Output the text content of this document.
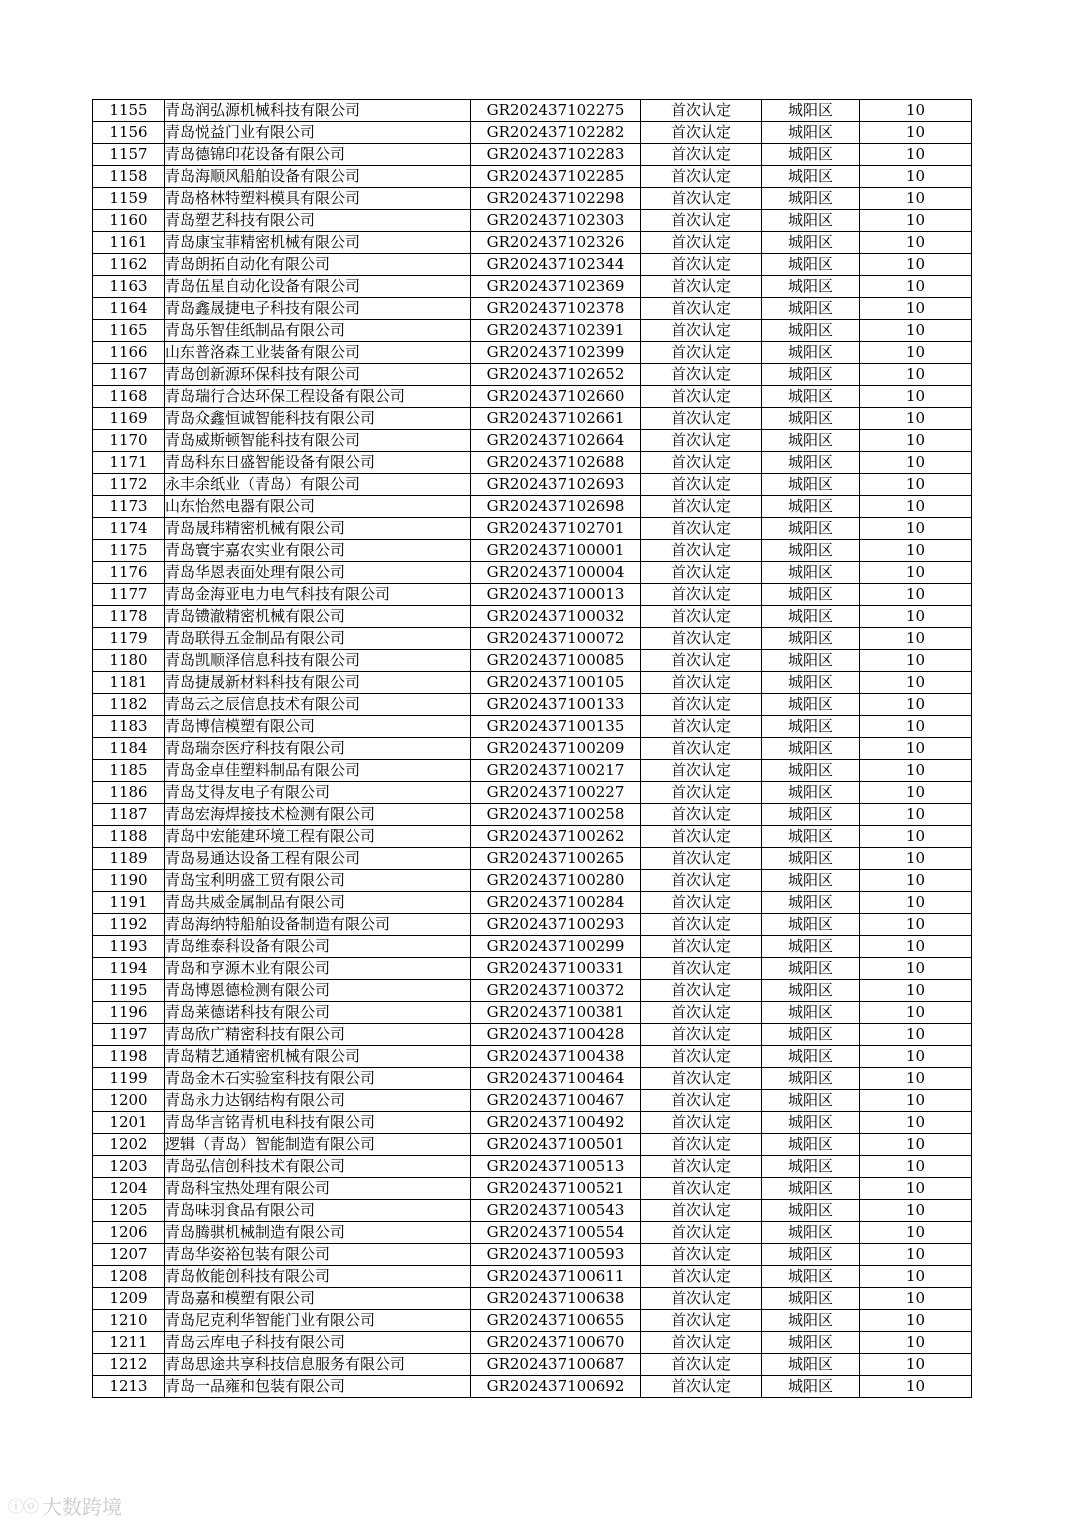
1155	青岛润弘源机械科技有限公司	GR202437102275	首次认定	城阳区	10
1156	青岛悦益门业有限公司	GR202437102282	首次认定	城阳区	10
1157	青岛德锦印花设备有限公司	GR202437102283	首次认定	城阳区	10
1158	青岛海顺风船舶设备有限公司	GR202437102285	首次认定	城阳区	10
1159	青岛格林特塑料模具有限公司	GR202437102298	首次认定	城阳区	10
1160	青岛塑艺科技有限公司	GR202437102303	首次认定	城阳区	10
1161	青岛康宝菲精密机械有限公司	GR202437102326	首次认定	城阳区	10
1162	青岛朗拓自动化有限公司	GR202437102344	首次认定	城阳区	10
1163	青岛伍星自动化设备有限公司	GR202437102369	首次认定	城阳区	10
1164	青岛鑫晟捷电子科技有限公司	GR202437102378	首次认定	城阳区	10
1165	青岛乐智佳纸制品有限公司	GR202437102391	首次认定	城阳区	10
1166	山东普洛森工业装备有限公司	GR202437102399	首次认定	城阳区	10
1167	青岛创新源环保科技有限公司	GR202437102652	首次认定	城阳区	10
1168	青岛瑞行合达环保工程设备有限公司	GR202437102660	首次认定	城阳区	10
1169	青岛众鑫恒诚智能科技有限公司	GR202437102661	首次认定	城阳区	10
1170	青岛威斯顿智能科技有限公司	GR202437102664	首次认定	城阳区	10
1171	青岛科东日盛智能设备有限公司	GR202437102688	首次认定	城阳区	10
1172	永丰余纸业（青岛）有限公司	GR202437102693	首次认定	城阳区	10
1173	山东怡然电器有限公司	GR202437102698	首次认定	城阳区	10
1174	青岛晟玮精密机械有限公司	GR202437102701	首次认定	城阳区	10
1175	青岛寰宇嘉农实业有限公司	GR202437100001	首次认定	城阳区	10
1176	青岛华恩表面处理有限公司	GR202437100004	首次认定	城阳区	10
1177	青岛金海亚电力电气科技有限公司	GR202437100013	首次认定	城阳区	10
1178	青岛镄澈精密机械有限公司	GR202437100032	首次认定	城阳区	10
1179	青岛联得五金制品有限公司	GR202437100072	首次认定	城阳区	10
1180	青岛凯顺泽信息科技有限公司	GR202437100085	首次认定	城阳区	10
1181	青岛捷晟新材料科技有限公司	GR202437100105	首次认定	城阳区	10
1182	青岛云之辰信息技术有限公司	GR202437100133	首次认定	城阳区	10
1183	青岛博信模塑有限公司	GR202437100135	首次认定	城阳区	10
1184	青岛瑞奈医疗科技有限公司	GR202437100209	首次认定	城阳区	10
1185	青岛金卓佳塑料制品有限公司	GR202437100217	首次认定	城阳区	10
1186	青岛艾得友电子有限公司	GR202437100227	首次认定	城阳区	10
1187	青岛宏海焊接技术检测有限公司	GR202437100258	首次认定	城阳区	10
1188	青岛中宏能建环境工程有限公司	GR202437100262	首次认定	城阳区	10
1189	青岛易通达设备工程有限公司	GR202437100265	首次认定	城阳区	10
1190	青岛宝利明盛工贸有限公司	GR202437100280	首次认定	城阳区	10
1191	青岛共威金属制品有限公司	GR202437100284	首次认定	城阳区	10
1192	青岛海纳特船舶设备制造有限公司	GR202437100293	首次认定	城阳区	10
1193	青岛维泰科设备有限公司	GR202437100299	首次认定	城阳区	10
1194	青岛和亨源木业有限公司	GR202437100331	首次认定	城阳区	10
1195	青岛博恩德检测有限公司	GR202437100372	首次认定	城阳区	10
1196	青岛莱德诺科技有限公司	GR202437100381	首次认定	城阳区	10
1197	青岛欣广精密科技有限公司	GR202437100428	首次认定	城阳区	10
1198	青岛精艺通精密机械有限公司	GR202437100438	首次认定	城阳区	10
1199	青岛金木石实验室科技有限公司	GR202437100464	首次认定	城阳区	10
1200	青岛永力达钢结构有限公司	GR202437100467	首次认定	城阳区	10
1201	青岛华言铭青机电科技有限公司	GR202437100492	首次认定	城阳区	10
1202	逻辑（青岛）智能制造有限公司	GR202437100501	首次认定	城阳区	10
1203	青岛弘信创科技术有限公司	GR202437100513	首次认定	城阳区	10
1204	青岛科宝热处理有限公司	GR202437100521	首次认定	城阳区	10
1205	青岛味羽食品有限公司	GR202437100543	首次认定	城阳区	10
1206	青岛腾骐机械制造有限公司	GR202437100554	首次认定	城阳区	10
1207	青岛华姿裕包装有限公司	GR202437100593	首次认定	城阳区	10
1208	青岛攸能创科技有限公司	GR202437100611	首次认定	城阳区	10
1209	青岛嘉和模塑有限公司	GR202437100638	首次认定	城阳区	10
1210	青岛尼克利华智能门业有限公司	GR202437100655	首次认定	城阳区	10
1211	青岛云库电子科技有限公司	GR202437100670	首次认定	城阳区	10
1212	青岛思途共享科技信息服务有限公司	GR202437100687	首次认定	城阳区	10
1213	青岛一品雍和包装有限公司	GR202437100692	首次认定	城阳区	10
ⓘⓞ 大数跨境
